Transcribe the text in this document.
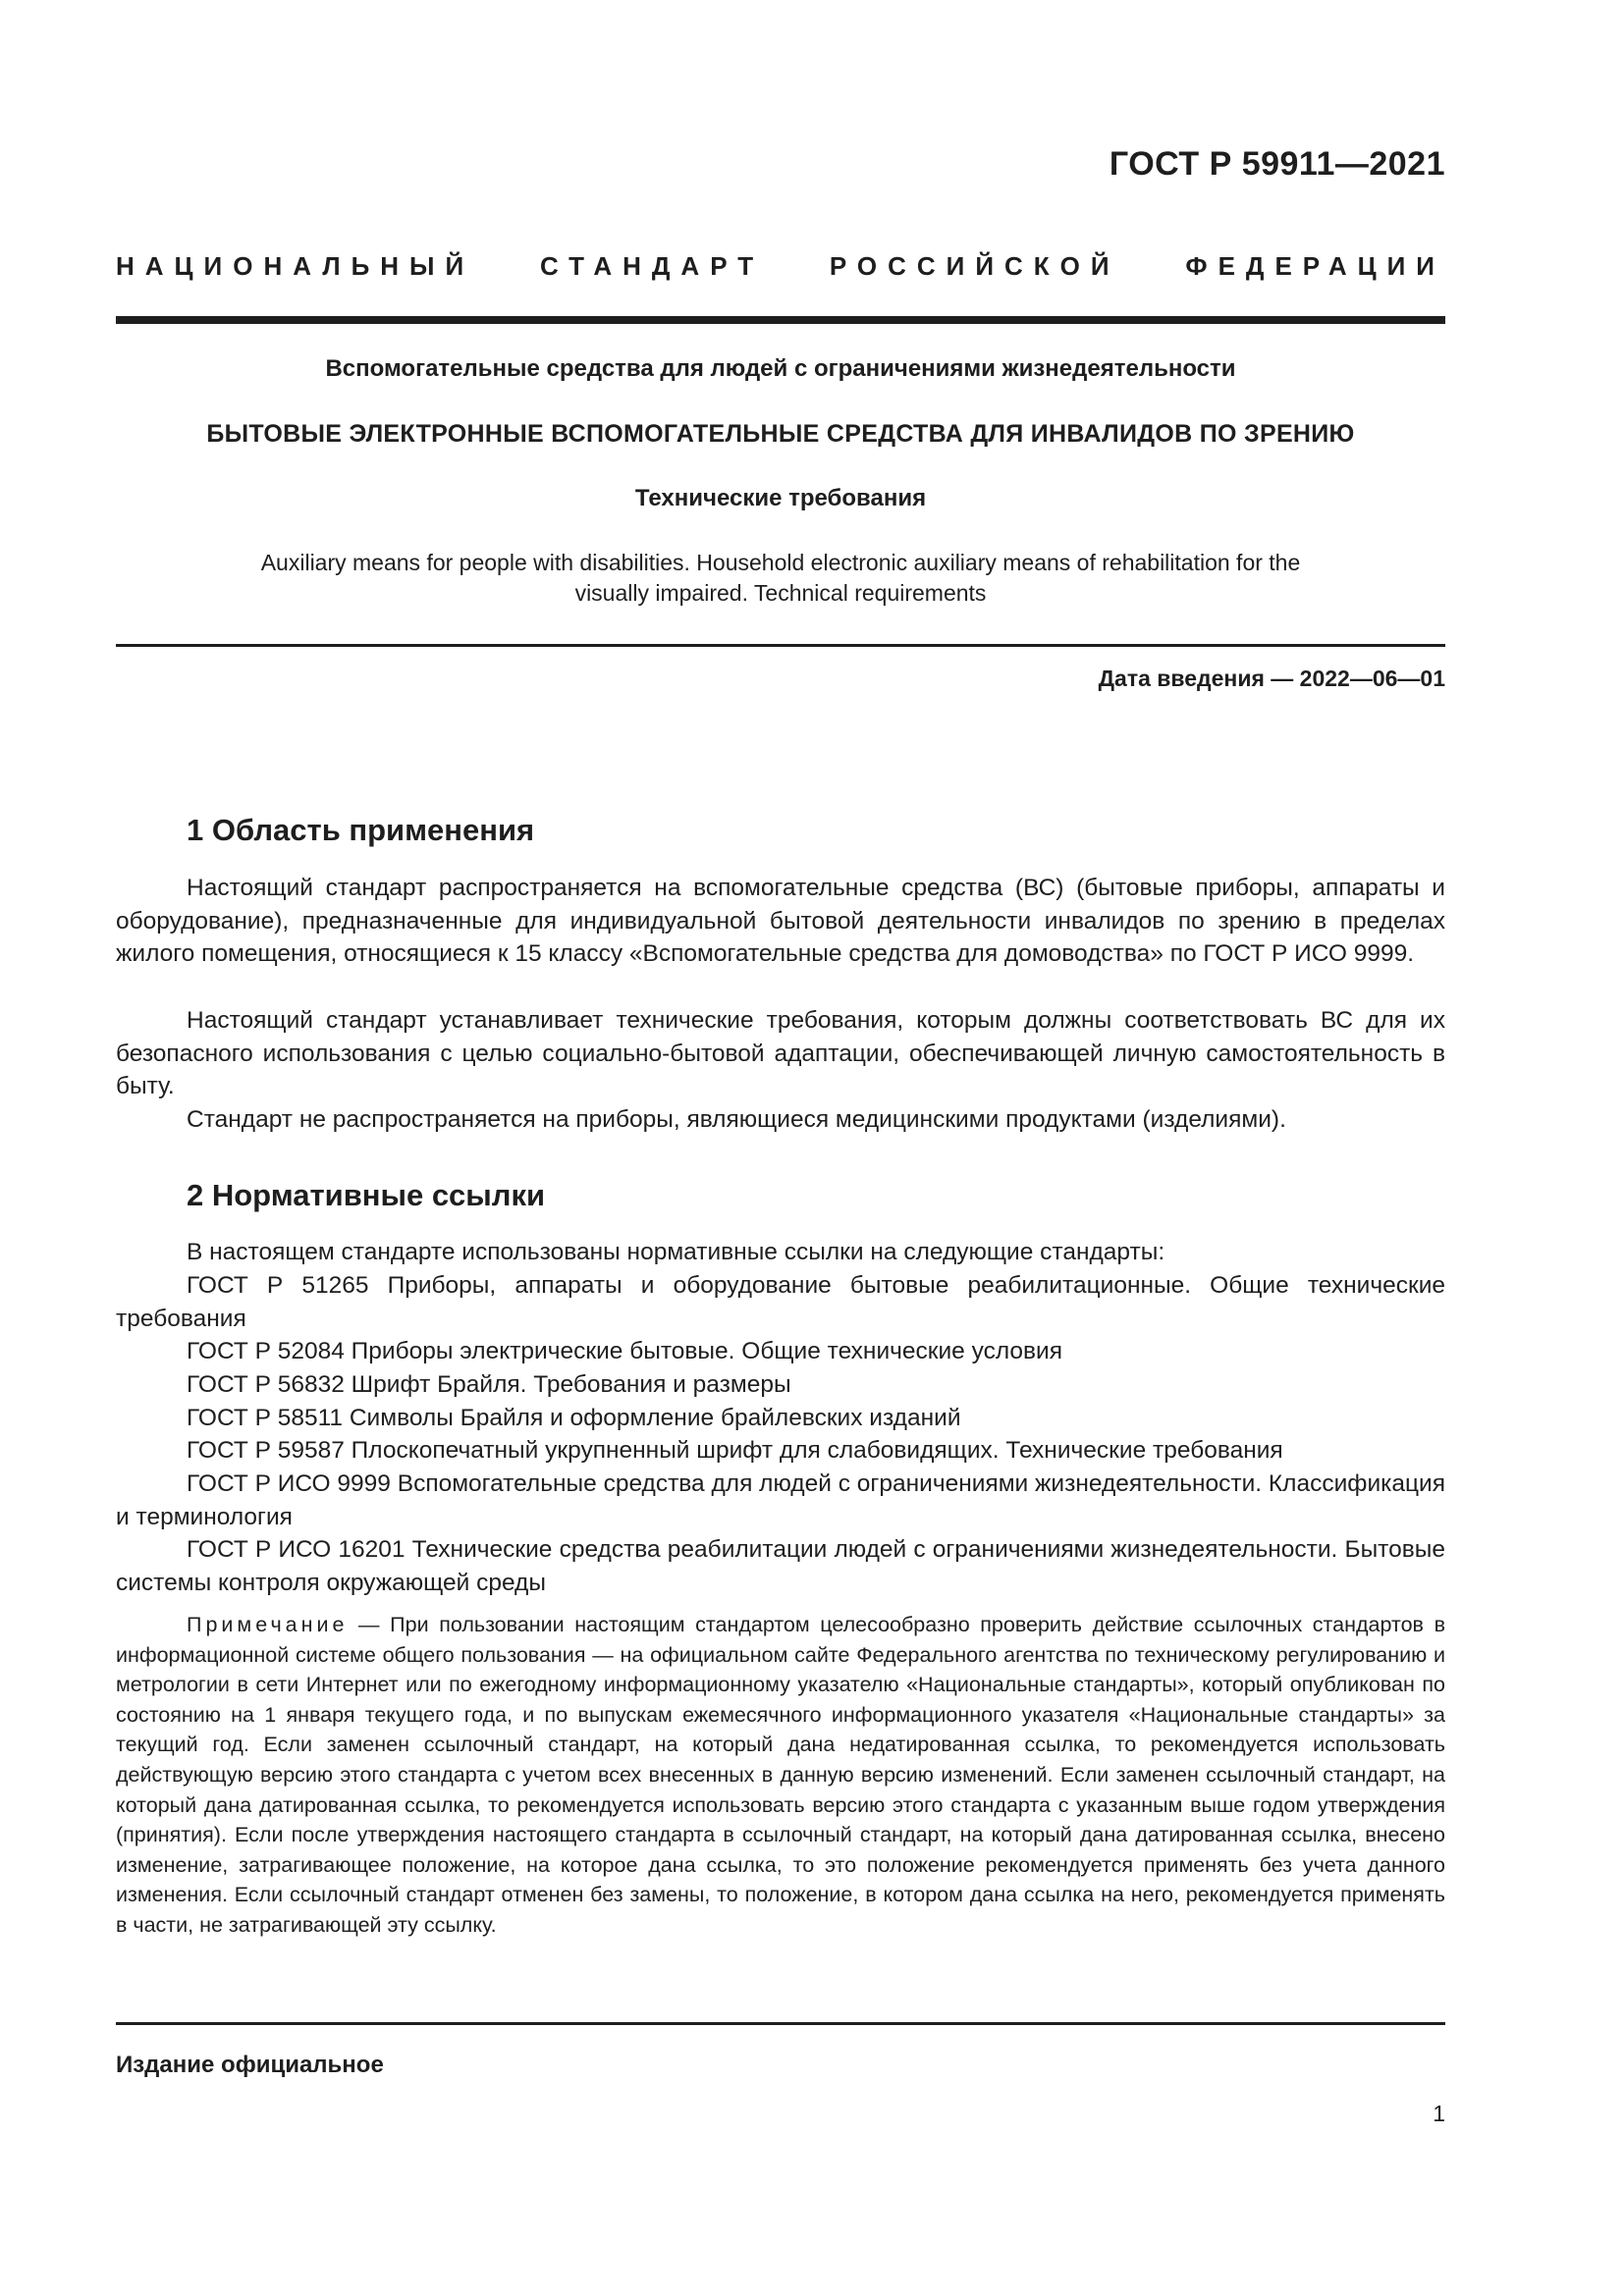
ГОСТ Р 59911—2021
НАЦИОНАЛЬНЫЙ СТАНДАРТ РОССИЙСКОЙ ФЕДЕРАЦИИ
Вспомогательные средства для людей с ограничениями жизнедеятельности
БЫТОВЫЕ ЭЛЕКТРОННЫЕ ВСПОМОГАТЕЛЬНЫЕ СРЕДСТВА ДЛЯ ИНВАЛИДОВ ПО ЗРЕНИЮ
Технические требования
Auxiliary means for people with disabilities. Household electronic auxiliary means of rehabilitation for the visually impaired. Technical requirements
Дата введения — 2022—06—01
1 Область применения

Настоящий стандарт распространяется на вспомогательные средства (ВС) (бытовые приборы, аппараты и оборудование), предназначенные для индивидуальной бытовой деятельности инвалидов по зрению в пределах жилого помещения, относящиеся к 15 классу «Вспомогательные средства для домоводства» по ГОСТ Р ИСО 9999.

Настоящий стандарт устанавливает технические требования, которым должны соответствовать ВС для их безопасного использования с целью социально-бытовой адаптации, обеспечивающей личную самостоятельность в быту.

Стандарт не распространяется на приборы, являющиеся медицинскими продуктами (изделиями).

2 Нормативные ссылки

В настоящем стандарте использованы нормативные ссылки на следующие стандарты:

ГОСТ Р 51265 Приборы, аппараты и оборудование бытовые реабилитационные. Общие технические требования

ГОСТ Р 52084 Приборы электрические бытовые. Общие технические условия

ГОСТ Р 56832 Шрифт Брайля. Требования и размеры

ГОСТ Р 58511 Символы Брайля и оформление брайлевских изданий

ГОСТ Р 59587 Плоскопечатный укрупненный шрифт для слабовидящих. Технические требования

ГОСТ Р ИСО 9999 Вспомогательные средства для людей с ограничениями жизнедеятельности. Классификация и терминология

ГОСТ Р ИСО 16201 Технические средства реабилитации людей с ограничениями жизнедеятельности. Бытовые системы контроля окружающей среды

Примечание — При пользовании настоящим стандартом целесообразно проверить действие ссылочных стандартов в информационной системе общего пользования — на официальном сайте Федерального агентства по техническому регулированию и метрологии в сети Интернет или по ежегодному информационному указателю «Национальные стандарты», который опубликован по состоянию на 1 января текущего года, и по выпускам ежемесячного информационного указателя «Национальные стандарты» за текущий год. Если заменен ссылочный стандарт, на который дана недатированная ссылка, то рекомендуется использовать действующую версию этого стандарта с учетом всех внесенных в данную версию изменений. Если заменен ссылочный стандарт, на который дана датированная ссылка, то рекомендуется использовать версию этого стандарта с указанным выше годом утверждения (принятия). Если после утверждения настоящего стандарта в ссылочный стандарт, на который дана датированная ссылка, внесено изменение, затрагивающее положение, на которое дана ссылка, то это положение рекомендуется применять без учета данного изменения. Если ссылочный стандарт отменен без замены, то положение, в котором дана ссылка на него, рекомендуется применять в части, не затрагивающей эту ссылку.

Издание официальное
1
